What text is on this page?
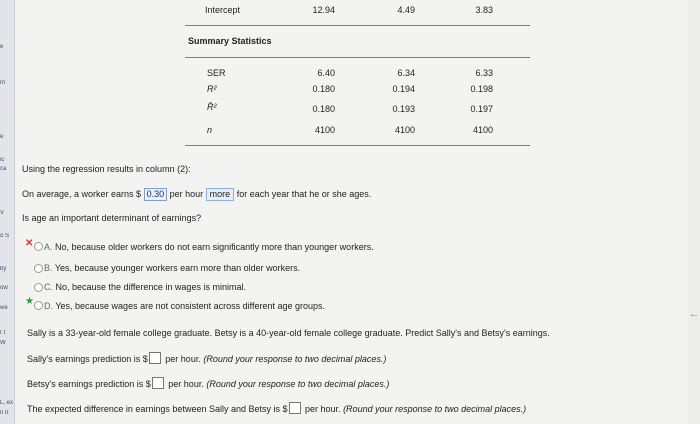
e
rn
e
ic
ca
V
o S
by
ow
we
r t
W
L, ex
n tr
←
Intercept	12.94	4.49	3.83
Summary Statistics
SER	6.40	6.34	6.33
R²	0.180	0.194	0.198
R̄²	0.180	0.193	0.197
n	4100	4100	4100
Using the regression results in column (2):
On average, a worker earns $ 0.30 per hour more for each year that he or she ages.
Is age an important determinant of earnings?
✕ A. No, because older workers do not earn significantly more than younger workers.
B. Yes, because younger workers earn more than older workers.
C. No, because the difference in wages is minimal.
★ D. Yes, because wages are not consistent across different age groups.
Sally is a 33-year-old female college graduate. Betsy is a 40-year-old female college graduate. Predict Sally's and Betsy's earnings.
Sally's earnings prediction is $ per hour. (Round your response to two decimal places.)
Betsy's earnings prediction is $ per hour. (Round your response to two decimal places.)
The expected difference in earnings between Sally and Betsy is $ per hour. (Round your response to two decimal places.)
